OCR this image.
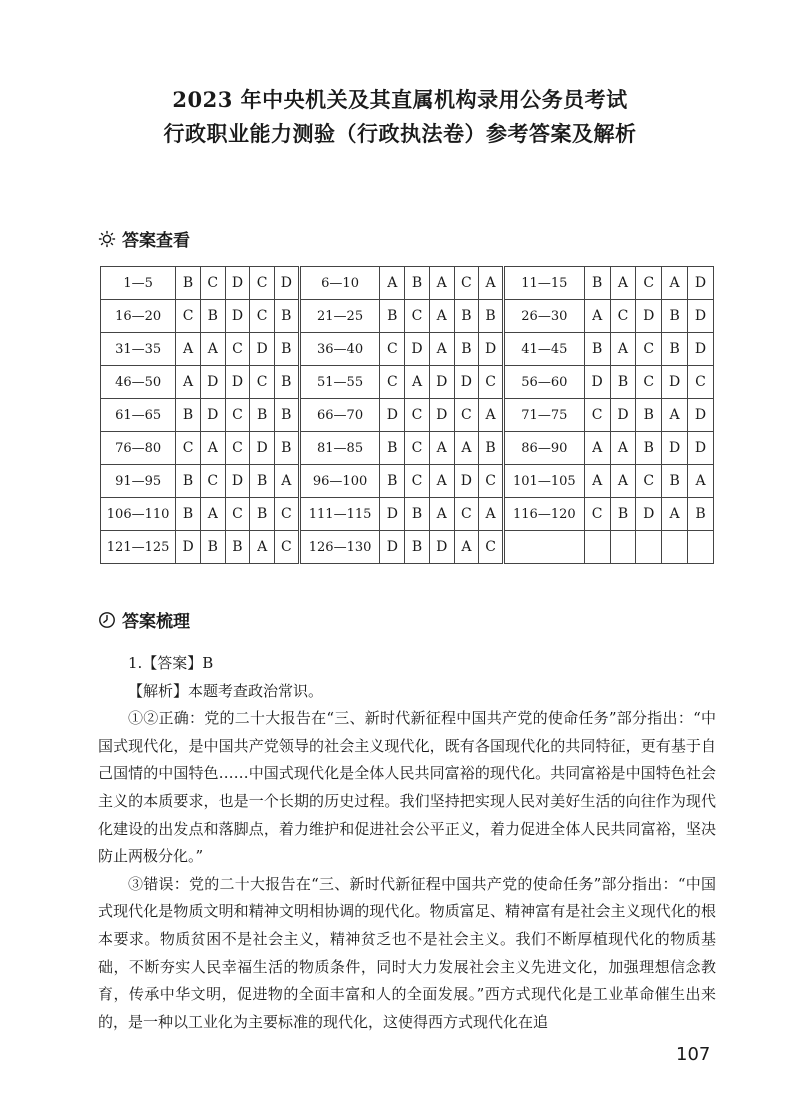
2023 年中央机关及其直属机构录用公务员考试
行政职业能力测验（行政执法卷）参考答案及解析
答案查看
1—5	B	C	D	C	D	6—10	A	B	A	C	A	11—15	B	A	C	A	D
16—20	C	B	D	C	B	21—25	B	C	A	B	B	26—30	A	C	D	B	D
31—35	A	A	C	D	B	36—40	C	D	A	B	D	41—45	B	A	C	B	D
46—50	A	D	D	C	B	51—55	C	A	D	D	C	56—60	D	B	C	D	C
61—65	B	D	C	B	B	66—70	D	C	D	C	A	71—75	C	D	B	A	D
76—80	C	A	C	D	B	81—85	B	C	A	A	B	86—90	A	A	B	D	D
91—95	B	C	D	B	A	96—100	B	C	A	D	C	101—105	A	A	C	B	A
106—110	B	A	C	B	C	111—115	D	B	A	C	A	116—120	C	B	D	A	B
121—125	D	B	B	A	C	126—130	D	B	D	A	C						
答案梳理

1.【答案】B

【解析】本题考查政治常识。

①②正确：党的二十大报告在“三、新时代新征程中国共产党的使命任务”部分指出：“中国式现代化，是中国共产党领导的社会主义现代化，既有各国现代化的共同特征，更有基于自己国情的中国特色……中国式现代化是全体人民共同富裕的现代化。共同富裕是中国特色社会主义的本质要求，也是一个长期的历史过程。我们坚持把实现人民对美好生活的向往作为现代化建设的出发点和落脚点，着力维护和促进社会公平正义，着力促进全体人民共同富裕，坚决防止两极分化。”

③错误：党的二十大报告在“三、新时代新征程中国共产党的使命任务”部分指出：“中国式现代化是物质文明和精神文明相协调的现代化。物质富足、精神富有是社会主义现代化的根本要求。物质贫困不是社会主义，精神贫乏也不是社会主义。我们不断厚植现代化的物质基础，不断夯实人民幸福生活的物质条件，同时大力发展社会主义先进文化，加强理想信念教育，传承中华文明，促进物的全面丰富和人的全面发展。”西方式现代化是工业革命催生出来的，是一种以工业化为主要标准的现代化，这使得西方式现代化在追

107
